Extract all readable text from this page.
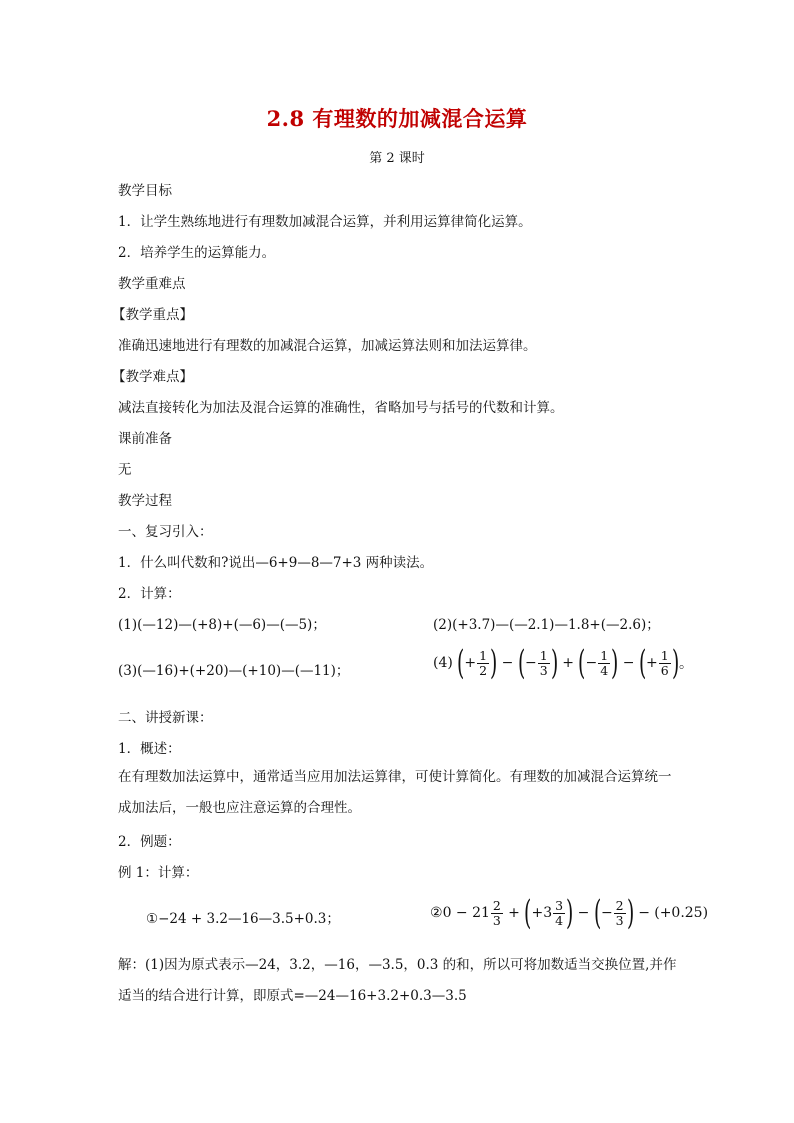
2.8 有理数的加减混合运算
第 2 课时
教学目标
1．让学生熟练地进行有理数加减混合运算，并利用运算律简化运算。
2．培养学生的运算能力。
教学重难点
【教学重点】
准确迅速地进行有理数的加减混合运算，加减运算法则和加法运算律。
【教学难点】
减法直接转化为加法及混合运算的准确性，省略加号与括号的代数和计算。
课前准备
无
教学过程
一、复习引入：
1．什么叫代数和?说出—6+9—8—7+3 两种读法。
2．计算：
(1)(—12)—(+8)+(—6)—(—5)；	(2)(+3.7)—(—2.1)—1.8+(—2.6)；
(3)(—16)+(+20)—(+10)—(—11)；	(4) (+ $\frac{1}{2}$ ) − (− $\frac{1}{3}$ ) + (− $\frac{1}{4}$ ) − (+ $\frac{1}{6}$ )。
二、讲授新课：
1．概述：
在有理数加法运算中，通常适当应用加法运算律，可使计算简化。有理数的加减混合运算统一成加法后，一般也应注意运算的合理性。
2．例题：
例 1：计算：
①−24 + 3.2—16—3.5+0.3；	②0 − $21 \frac{2}{3} + (+3 \frac{3}{4}$ ) − (− $\frac{2}{3}$ ) − (+0.25)
解：(1)因为原式表示—24，3.2，—16，—3.5，0.3 的和，所以可将加数适当交换位置,并作适当的结合进行计算，即原式=—24—16+3.2+0.3—3.5
